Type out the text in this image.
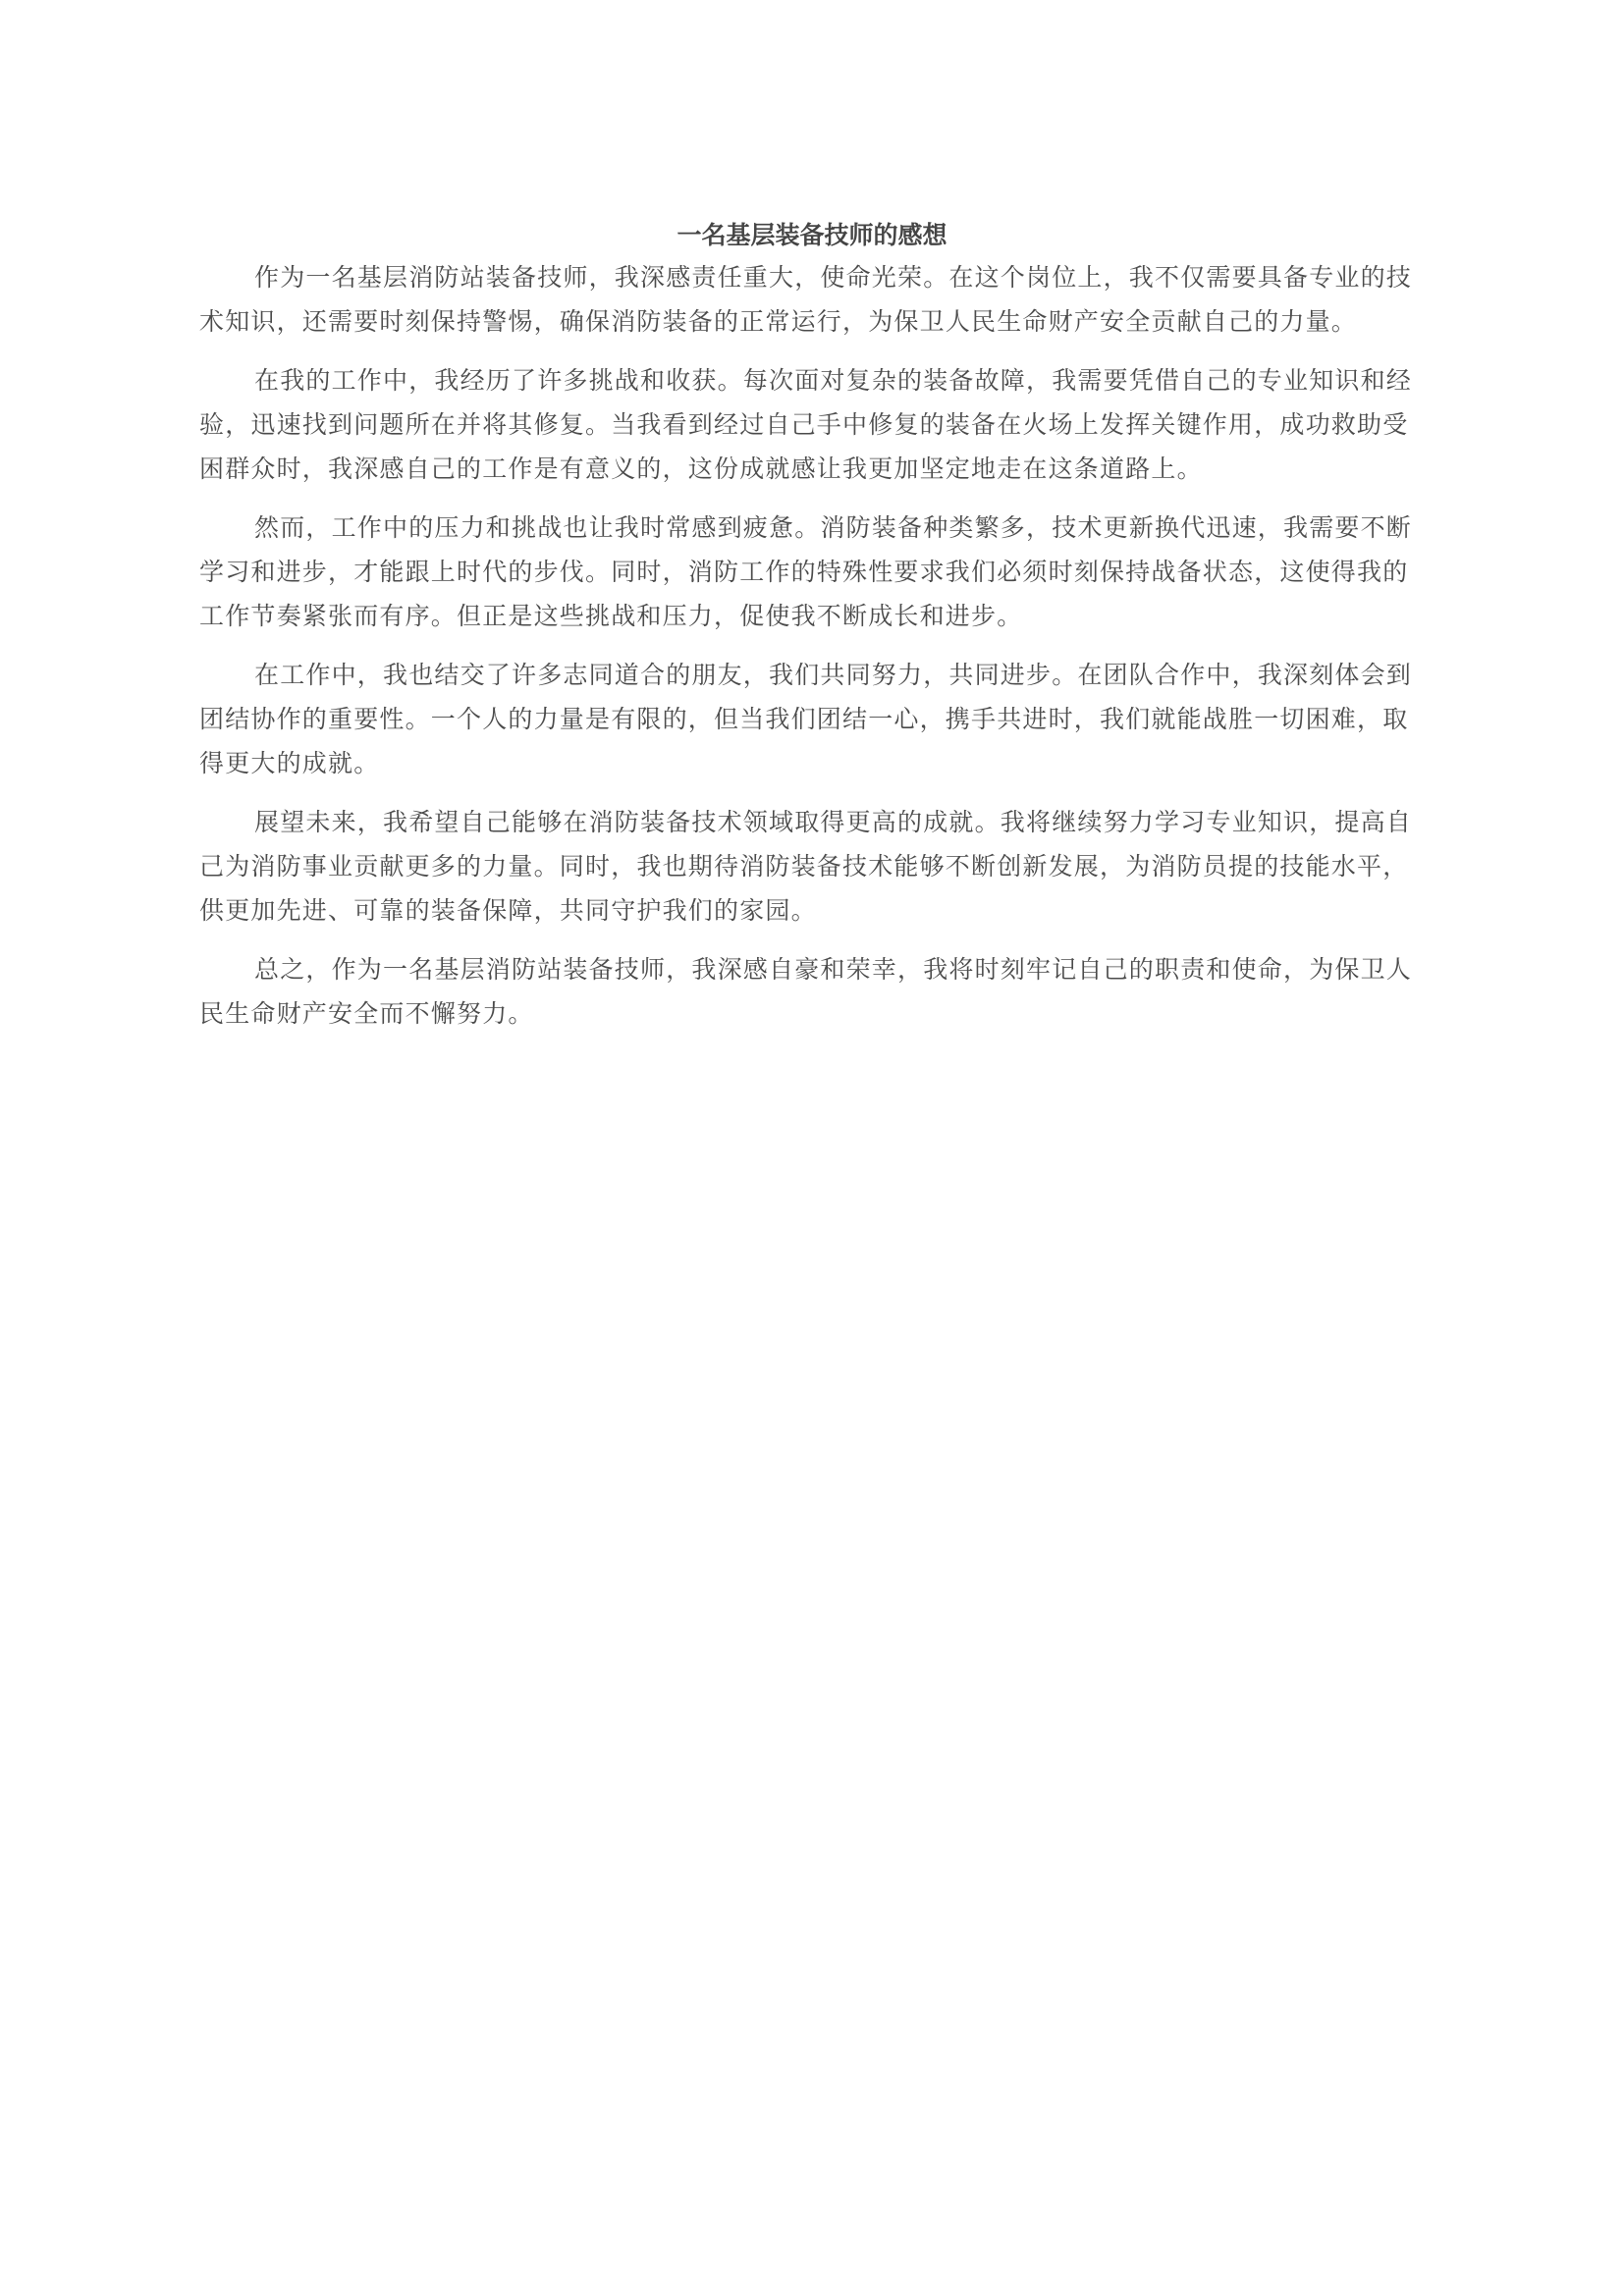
一名基层装备技师的感想

作为一名基层消防站装备技师，我深感责任重大，使命光荣。在这个岗位上，我不仅需要具备专业的技
术知识，还需要时刻保持警惕，确保消防装备的正常运行，为保卫人民生命财产安全贡献自己的力量。

在我的工作中，我经历了许多挑战和收获。每次面对复杂的装备故障，我需要凭借自己的专业知识和经
验，迅速找到问题所在并将其修复。当我看到经过自己手中修复的装备在火场上发挥关键作用，成功救助受
困群众时，我深感自己的工作是有意义的，这份成就感让我更加坚定地走在这条道路上。

然而，工作中的压力和挑战也让我时常感到疲惫。消防装备种类繁多，技术更新换代迅速，我需要不断
学习和进步，才能跟上时代的步伐。同时，消防工作的特殊性要求我们必须时刻保持战备状态，这使得我的
工作节奏紧张而有序。但正是这些挑战和压力，促使我不断成长和进步。

在工作中，我也结交了许多志同道合的朋友，我们共同努力，共同进步。在团队合作中，我深刻体会到
团结协作的重要性。一个人的力量是有限的，但当我们团结一心，携手共进时，我们就能战胜一切困难，取
得更大的成就。

展望未来，我希望自己能够在消防装备技术领域取得更高的成就。我将继续努力学习专业知识，提高自
己为消防事业贡献更多的力量。同时，我也期待消防装备技术能够不断创新发展，为消防员提的技能水平，
供更加先进、可靠的装备保障，共同守护我们的家园。

总之，作为一名基层消防站装备技师，我深感自豪和荣幸，我将时刻牢记自己的职责和使命，为保卫人
民生命财产安全而不懈努力。
